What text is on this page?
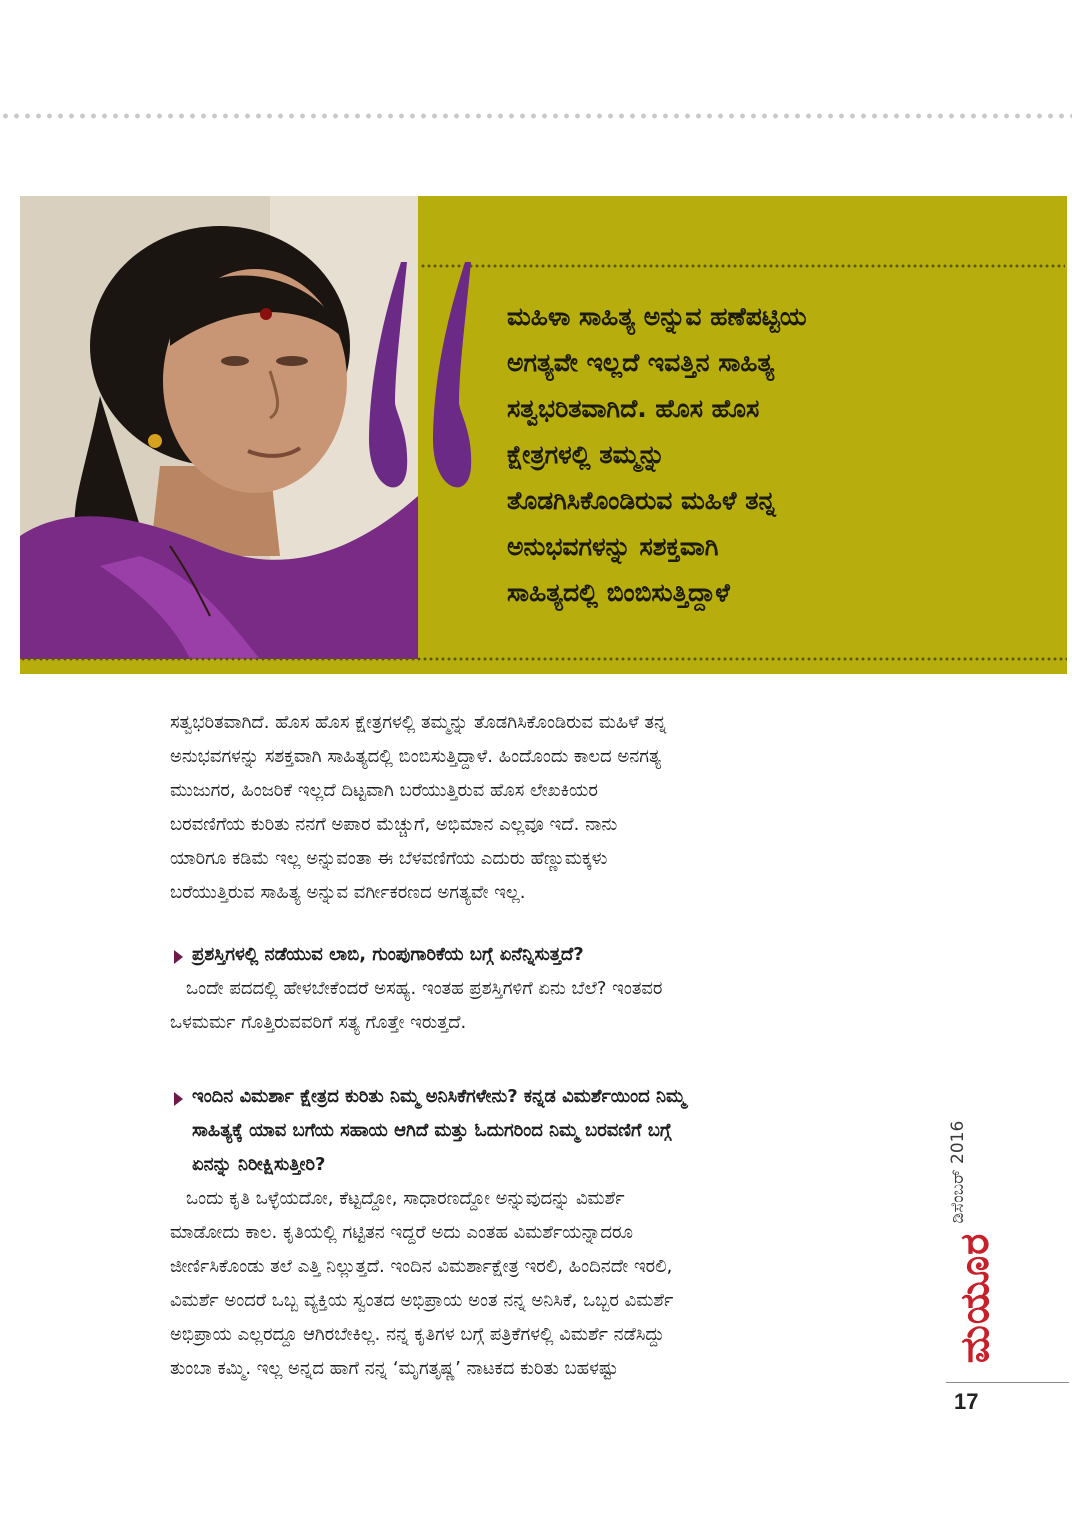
ಮಹಿಳಾ ಸಾಹಿತ್ಯ ಅನ್ನುವ ಹಣೆಪಟ್ಟಿಯ
ಅಗತ್ಯವೇ ಇಲ್ಲದೆ ಇವತ್ತಿನ ಸಾಹಿತ್ಯ
ಸತ್ವಭರಿತವಾಗಿದೆ. ಹೊಸ ಹೊಸ
ಕ್ಷೇತ್ರಗಳಲ್ಲಿ ತಮ್ಮನ್ನು
ತೊಡಗಿಸಿಕೊಂಡಿರುವ ಮಹಿಳೆ ತನ್ನ
ಅನುಭವಗಳನ್ನು ಸಶಕ್ತವಾಗಿ
ಸಾಹಿತ್ಯದಲ್ಲಿ ಬಿಂಬಿಸುತ್ತಿದ್ದಾಳೆ

ಸತ್ವಭರಿತವಾಗಿದೆ. ಹೊಸ ಹೊಸ ಕ್ಷೇತ್ರಗಳಲ್ಲಿ ತಮ್ಮನ್ನು ತೊಡಗಿಸಿಕೊಂಡಿರುವ ಮಹಿಳೆ ತನ್ನ
ಅನುಭವಗಳನ್ನು ಸಶಕ್ತವಾಗಿ ಸಾಹಿತ್ಯದಲ್ಲಿ ಬಿಂಬಿಸುತ್ತಿದ್ದಾಳೆ. ಹಿಂದೊಂದು ಕಾಲದ ಅನಗತ್ಯ
ಮುಜುಗರ, ಹಿಂಜರಿಕೆ ಇಲ್ಲದೆ ದಿಟ್ಟವಾಗಿ ಬರೆಯುತ್ತಿರುವ ಹೊಸ ಲೇಖಕಿಯರ
ಬರವಣಿಗೆಯ ಕುರಿತು ನನಗೆ ಅಪಾರ ಮೆಚ್ಚುಗೆ, ಅಭಿಮಾನ ಎಲ್ಲವೂ ಇದೆ. ನಾನು
ಯಾರಿಗೂ ಕಡಿಮೆ ಇಲ್ಲ ಅನ್ನುವಂತಾ ಈ ಬೆಳವಣಿಗೆಯ ಎದುರು ಹೆಣ್ಣುಮಕ್ಕಳು
ಬರೆಯುತ್ತಿರುವ ಸಾಹಿತ್ಯ ಅನ್ನುವ ವರ್ಗೀಕರಣದ ಅಗತ್ಯವೇ ಇಲ್ಲ.

ಪ್ರಶಸ್ತಿಗಳಲ್ಲಿ ನಡೆಯುವ ಲಾಬಿ, ಗುಂಪುಗಾರಿಕೆಯ ಬಗ್ಗೆ ಏನೆನ್ನಿಸುತ್ತದೆ?

ಒಂದೇ ಪದದಲ್ಲಿ ಹೇಳಬೇಕೆಂದರೆ ಅಸಹ್ಯ. ಇಂತಹ ಪ್ರಶಸ್ತಿಗಳಿಗೆ ಏನು ಬೆಲೆ? ಇಂತವರ
ಒಳಮರ್ಮ ಗೊತ್ತಿರುವವರಿಗೆ ಸತ್ಯ ಗೊತ್ತೇ ಇರುತ್ತದೆ.

ಇಂದಿನ ವಿಮರ್ಶಾ ಕ್ಷೇತ್ರದ ಕುರಿತು ನಿಮ್ಮ ಅನಿಸಿಕೆಗಳೇನು? ಕನ್ನಡ ವಿಮರ್ಶೆಯಿಂದ ನಿಮ್ಮ
ಸಾಹಿತ್ಯಕ್ಕೆ ಯಾವ ಬಗೆಯ ಸಹಾಯ ಆಗಿದೆ ಮತ್ತು ಓದುಗರಿಂದ ನಿಮ್ಮ ಬರವಣಿಗೆ ಬಗ್ಗೆ
ಏನನ್ನು ನಿರೀಕ್ಷಿಸುತ್ತೀರಿ?

ಒಂದು ಕೃತಿ ಒಳ್ಳೆಯದೋ, ಕೆಟ್ಟದ್ದೋ, ಸಾಧಾರಣದ್ದೋ ಅನ್ನುವುದನ್ನು ವಿಮರ್ಶೆ
ಮಾಡೋದು ಕಾಲ. ಕೃತಿಯಲ್ಲಿ ಗಟ್ಟಿತನ ಇದ್ದರೆ ಅದು ಎಂತಹ ವಿಮರ್ಶೆಯನ್ನಾದರೂ
ಜೀರ್ಣಿಸಿಕೊಂಡು ತಲೆ ಎತ್ತಿ ನಿಲ್ಲುತ್ತದೆ. ಇಂದಿನ ವಿಮರ್ಶಾಕ್ಷೇತ್ರ ಇರಲಿ, ಹಿಂದಿನದೇ ಇರಲಿ,
ವಿಮರ್ಶೆ ಅಂದರೆ ಒಬ್ಬ ವ್ಯಕ್ತಿಯ ಸ್ವಂತದ ಅಭಿಪ್ರಾಯ ಅಂತ ನನ್ನ ಅನಿಸಿಕೆ, ಒಬ್ಬರ ವಿಮರ್ಶೆ
ಅಭಿಪ್ರಾಯ ಎಲ್ಲರದ್ದೂ ಆಗಿರಬೇಕಿಲ್ಲ. ನನ್ನ ಕೃತಿಗಳ ಬಗ್ಗೆ ಪತ್ರಿಕೆಗಳಲ್ಲಿ ವಿಮರ್ಶೆ ನಡೆಸಿದ್ದು
ತುಂಬಾ ಕಮ್ಮಿ. ಇಲ್ಲ ಅನ್ನದ ಹಾಗೆ ನನ್ನ ‘ಮೃಗತೃಷ್ಣ’ ನಾಟಕದ ಕುರಿತು ಬಹಳಷ್ಟು

ಡಿಸೆಂಬರ್ 2016
ಮಯೂರ
17
